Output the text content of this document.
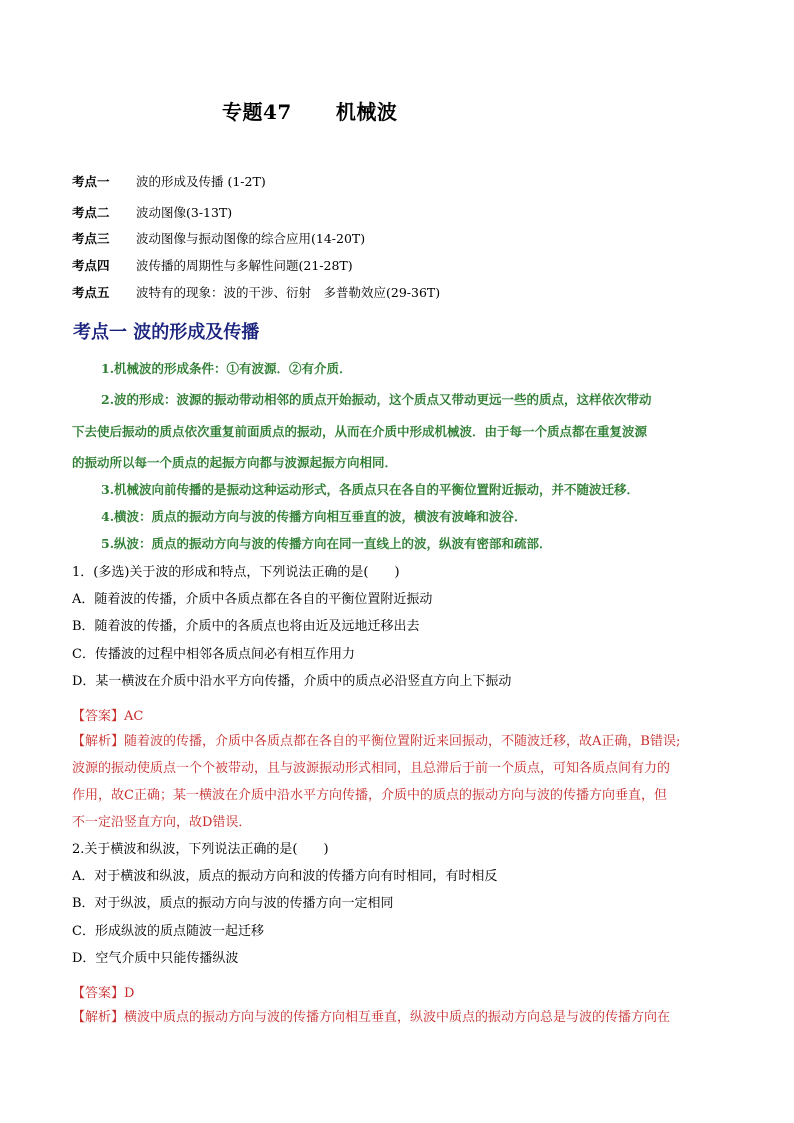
专题47 机械波
考点一 波的形成及传播 (1-2T)
考点二 波动图像(3-13T)
考点三 波动图像与振动图像的综合应用(14-20T)
考点四 波传播的周期性与多解性问题(21-28T)
考点五 波特有的现象：波的干涉、衍射　多普勒效应(29-36T)
考点一 波的形成及传播
1.机械波的形成条件：①有波源．②有介质．
2.波的形成：波源的振动带动相邻的质点开始振动，这个质点又带动更远一些的质点，这样依次带动
下去使后振动的质点依次重复前面质点的振动，从而在介质中形成机械波．由于每一个质点都在重复波源
的振动所以每一个质点的起振方向都与波源起振方向相同．
3.机械波向前传播的是振动这种运动形式，各质点只在各自的平衡位置附近振动，并不随波迁移．
4.横波：质点的振动方向与波的传播方向相互垂直的波，横波有波峰和波谷．
5.纵波：质点的振动方向与波的传播方向在同一直线上的波，纵波有密部和疏部．
1．(多选)关于波的形成和特点，下列说法正确的是(　　)
A．随着波的传播，介质中各质点都在各自的平衡位置附近振动
B．随着波的传播，介质中的各质点也将由近及远地迁移出去
C．传播波的过程中相邻各质点间必有相互作用力
D．某一横波在介质中沿水平方向传播，介质中的质点必沿竖直方向上下振动
【答案】AC
【解析】随着波的传播，介质中各质点都在各自的平衡位置附近来回振动，不随波迁移，故A正确，B错误;
波源的振动使质点一个个被带动，且与波源振动形式相同，且总滞后于前一个质点，可知各质点间有力的
作用，故C正确；某一横波在介质中沿水平方向传播，介质中的质点的振动方向与波的传播方向垂直，但
不一定沿竖直方向，故D错误．
2.关于横波和纵波，下列说法正确的是(　　)
A．对于横波和纵波，质点的振动方向和波的传播方向有时相同，有时相反
B．对于纵波，质点的振动方向与波的传播方向一定相同
C．形成纵波的质点随波一起迁移
D．空气介质中只能传播纵波
【答案】D
【解析】横波中质点的振动方向与波的传播方向相互垂直，纵波中质点的振动方向总是与波的传播方向在
